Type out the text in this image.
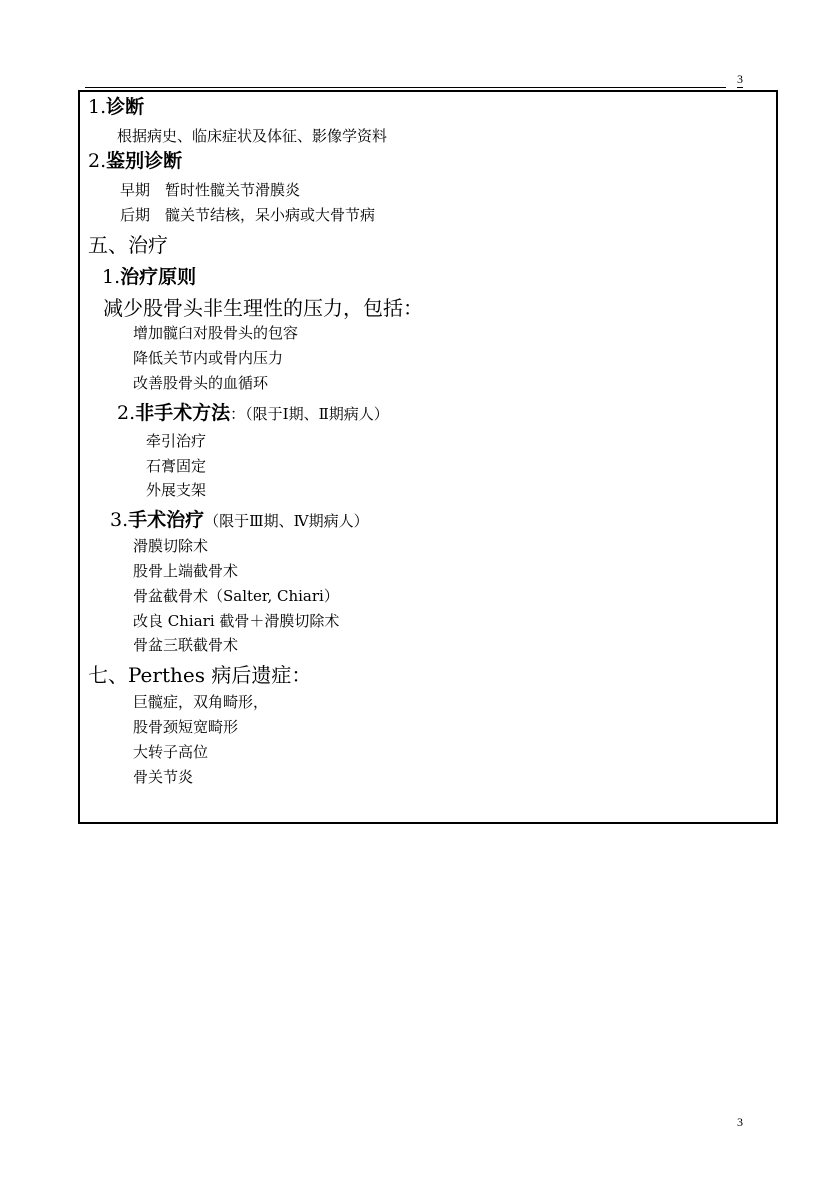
3
1.诊断
根据病史、临床症状及体征、影像学资料
2.鉴别诊断
早期　暂时性髋关节滑膜炎
后期　髋关节结核，呆小病或大骨节病
五、治疗
1.治疗原则
减少股骨头非生理性的压力，包括：
增加髋臼对股骨头的包容
降低关节内或骨内压力
改善股骨头的血循环
2.非手术方法：（限于Ⅰ期、Ⅱ期病人）
牵引治疗
石膏固定
外展支架
3.手术治疗（限于Ⅲ期、Ⅳ期病人）
滑膜切除术
股骨上端截骨术
骨盆截骨术（Salter, Chiari）
改良 Chiari 截骨＋滑膜切除术
骨盆三联截骨术
七、Perthes 病后遗症：
巨髋症，双角畸形，
股骨颈短宽畸形
大转子高位
骨关节炎
3
